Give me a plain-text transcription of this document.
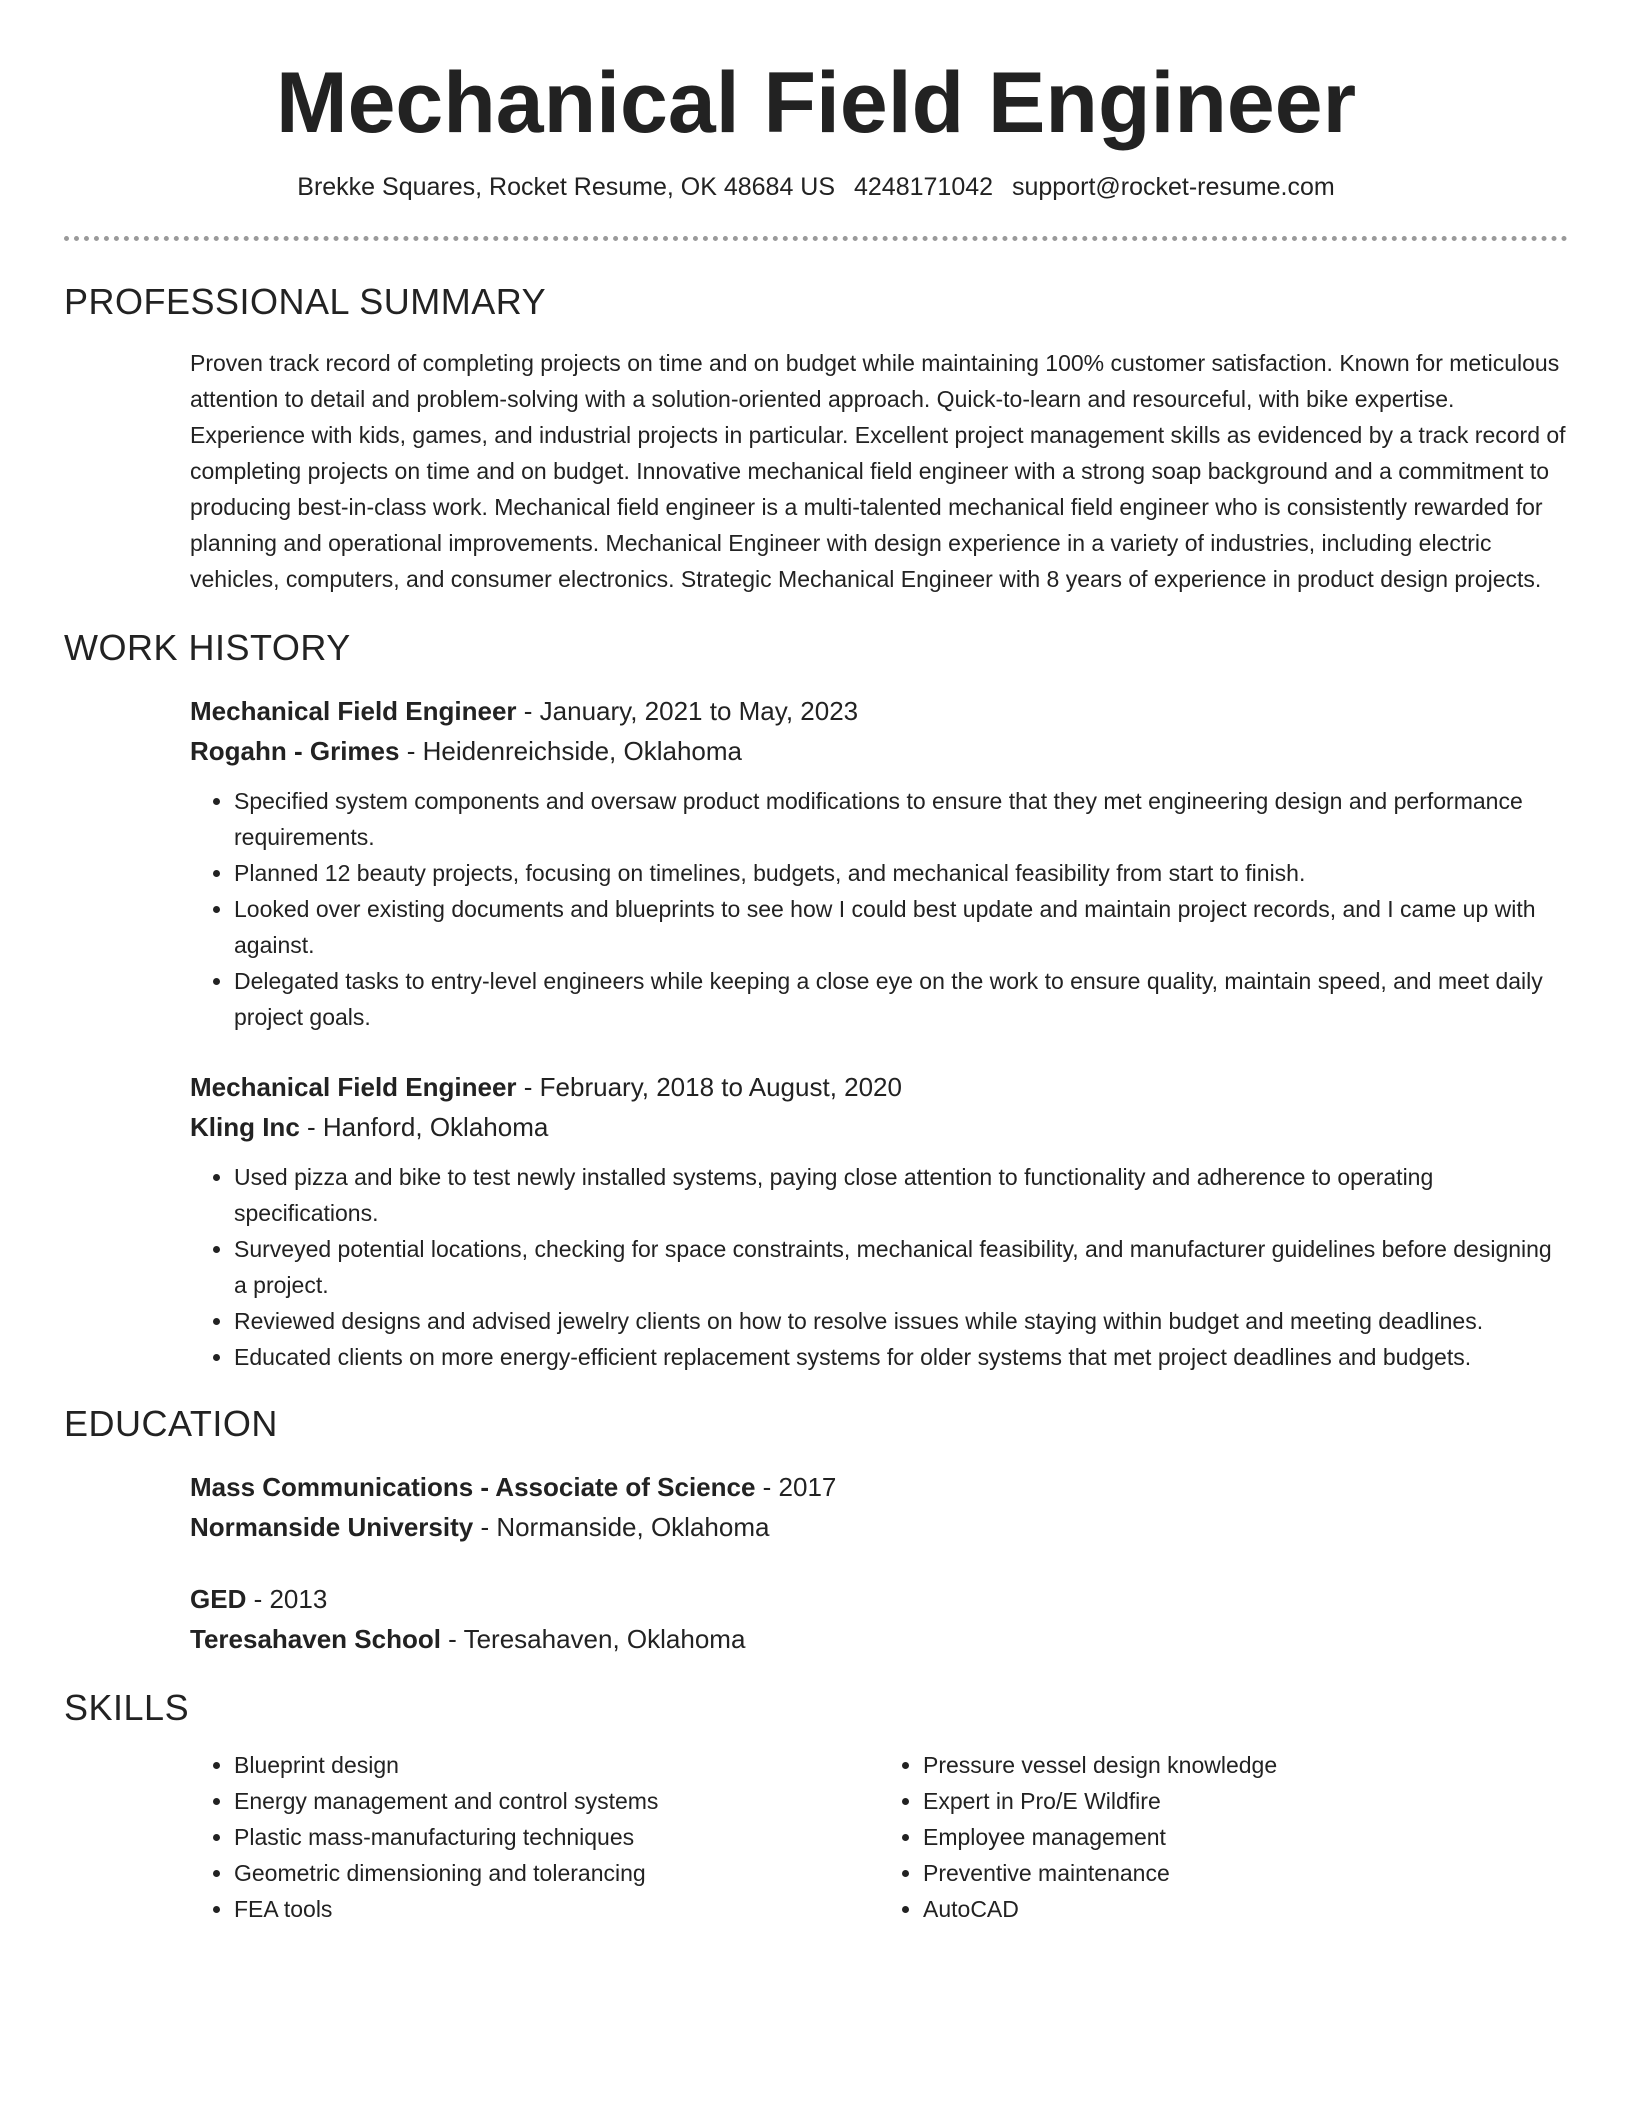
Mechanical Field Engineer
Brekke Squares, Rocket Resume, OK 48684 US 4248171042 support@rocket-resume.com
PROFESSIONAL SUMMARY

Proven track record of completing projects on time and on budget while maintaining 100% customer satisfaction. Known for meticulous attention to detail and problem-solving with a solution-oriented approach. Quick-to-learn and resourceful, with bike expertise. Experience with kids, games, and industrial projects in particular. Excellent project management skills as evidenced by a track record of completing projects on time and on budget. Innovative mechanical field engineer with a strong soap background and a commitment to producing best-in-class work. Mechanical field engineer is a multi-talented mechanical field engineer who is consistently rewarded for planning and operational improvements. Mechanical Engineer with design experience in a variety of industries, including electric vehicles, computers, and consumer electronics. Strategic Mechanical Engineer with 8 years of experience in product design projects.

WORK HISTORY
Mechanical Field Engineer - January, 2021 to May, 2023
Rogahn - Grimes - Heidenreichside, Oklahoma
• Specified system components and oversaw product modifications to ensure that they met engineering design and performance requirements.
• Planned 12 beauty projects, focusing on timelines, budgets, and mechanical feasibility from start to finish.
• Looked over existing documents and blueprints to see how I could best update and maintain project records, and I came up with against.
• Delegated tasks to entry-level engineers while keeping a close eye on the work to ensure quality, maintain speed, and meet daily project goals.
Mechanical Field Engineer - February, 2018 to August, 2020
Kling Inc - Hanford, Oklahoma
• Used pizza and bike to test newly installed systems, paying close attention to functionality and adherence to operating specifications.
• Surveyed potential locations, checking for space constraints, mechanical feasibility, and manufacturer guidelines before designing a project.
• Reviewed designs and advised jewelry clients on how to resolve issues while staying within budget and meeting deadlines.
• Educated clients on more energy-efficient replacement systems for older systems that met project deadlines and budgets.
EDUCATION
Mass Communications - Associate of Science - 2017
Normanside University - Normanside, Oklahoma
GED - 2013
Teresahaven School - Teresahaven, Oklahoma
SKILLS
• Blueprint design
• Energy management and control systems
• Plastic mass-manufacturing techniques
• Geometric dimensioning and tolerancing
• FEA tools
• Pressure vessel design knowledge
• Expert in Pro/E Wildfire
• Employee management
• Preventive maintenance
• AutoCAD
